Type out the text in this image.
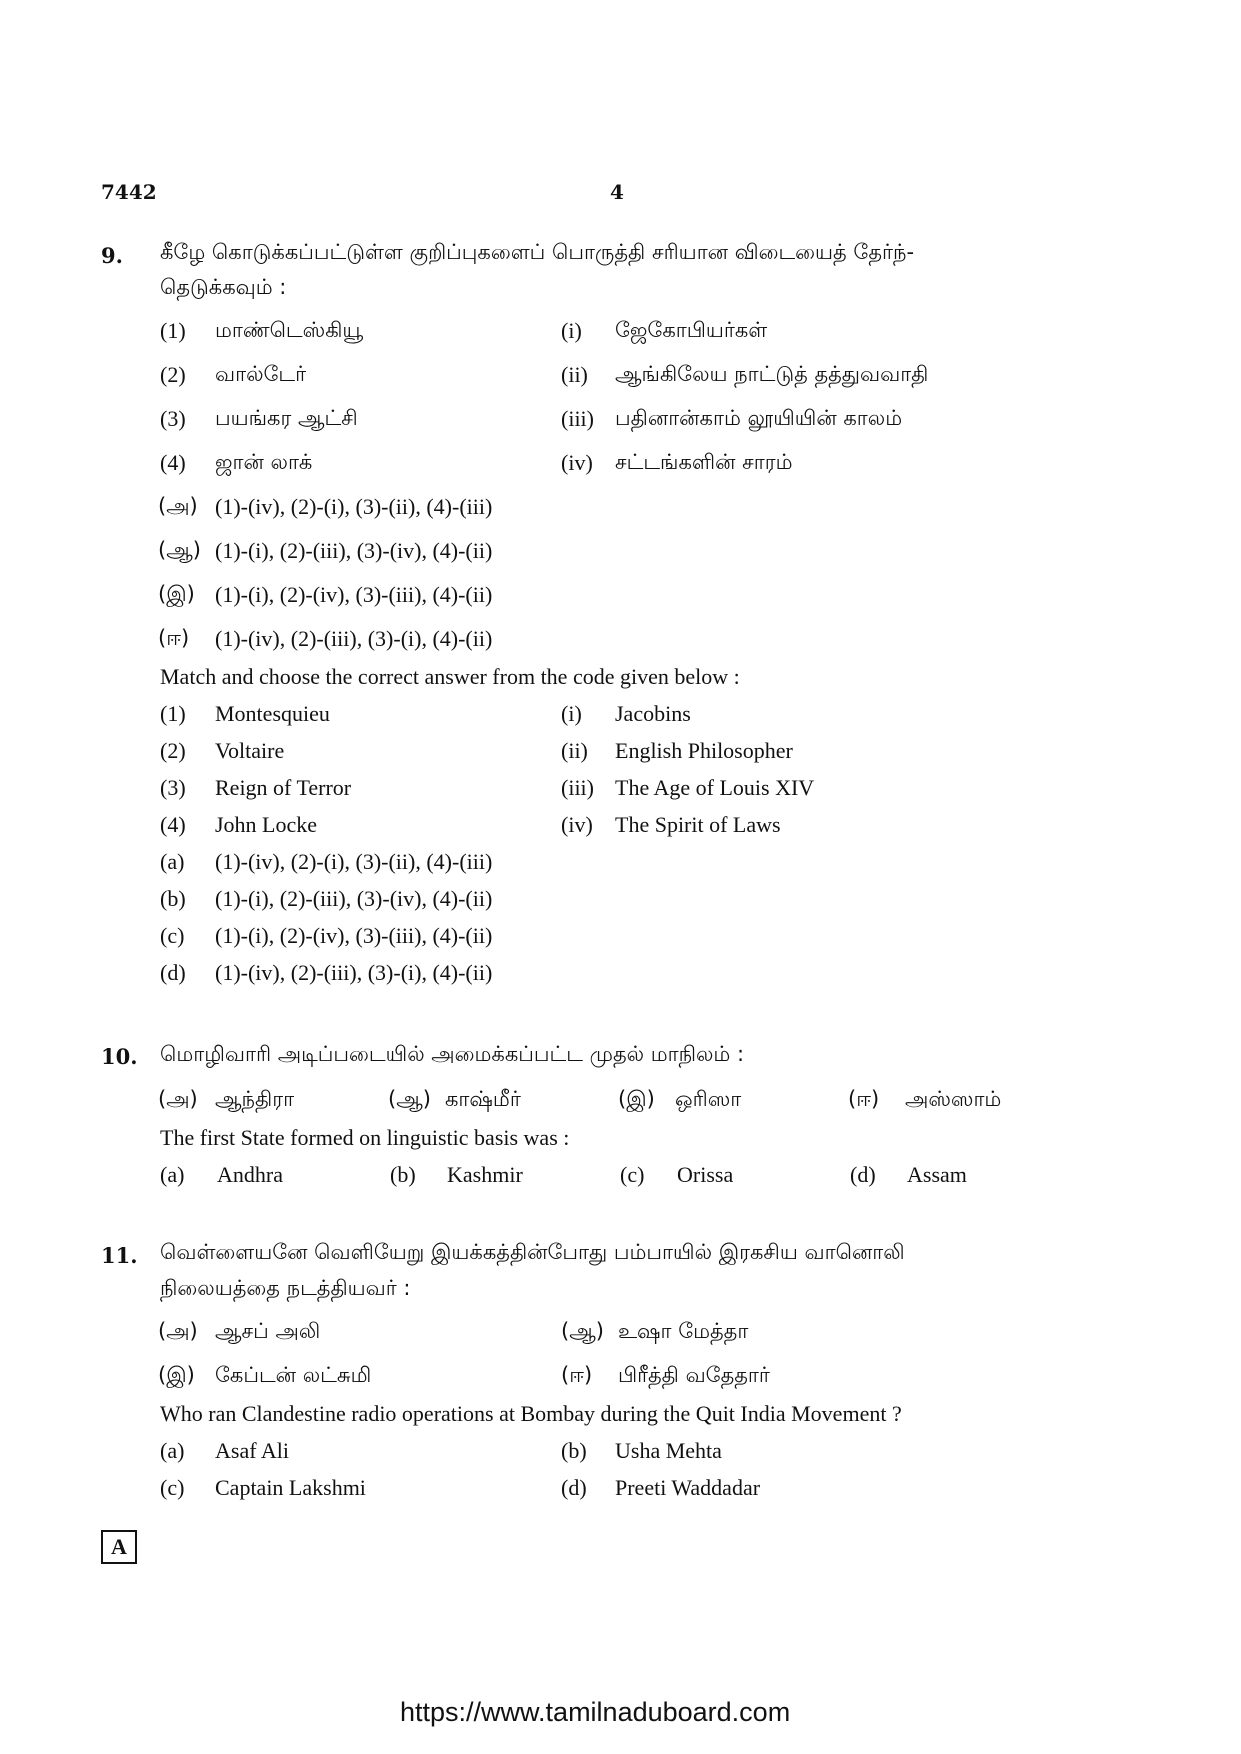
7442	4
9. கீழே கொடுக்கப்பட்டுள்ள குறிப்புகளைப் பொருத்தி சரியான விடையைத் தேர்ந்-
தெடுக்கவும் :
(1) மாண்டெஸ்கியூ	(i) ஜேகோபியர்கள்
(2) வால்டேர்	(ii) ஆங்கிலேய நாட்டுத் தத்துவவாதி
(3) பயங்கர ஆட்சி	(iii) பதினான்காம் லூயியின் காலம்
(4) ஜான் லாக்	(iv) சட்டங்களின் சாரம்
(அ) (1)-(iv), (2)-(i), (3)-(ii), (4)-(iii)
(ஆ) (1)-(i), (2)-(iii), (3)-(iv), (4)-(ii)
(இ) (1)-(i), (2)-(iv), (3)-(iii), (4)-(ii)
(ஈ) (1)-(iv), (2)-(iii), (3)-(i), (4)-(ii)
Match and choose the correct answer from the code given below :
(1) Montesquieu	(i) Jacobins
(2) Voltaire	(ii) English Philosopher
(3) Reign of Terror	(iii) The Age of Louis XIV
(4) John Locke	(iv) The Spirit of Laws
(a) (1)-(iv), (2)-(i), (3)-(ii), (4)-(iii)
(b) (1)-(i), (2)-(iii), (3)-(iv), (4)-(ii)
(c) (1)-(i), (2)-(iv), (3)-(iii), (4)-(ii)
(d) (1)-(iv), (2)-(iii), (3)-(i), (4)-(ii)
10. மொழிவாரி அடிப்படையில் அமைக்கப்பட்ட முதல் மாநிலம் :
(அ) ஆந்திரா	(ஆ) காஷ்மீர்	(இ) ஒரிஸா	(ஈ) அஸ்ஸாம்
The first State formed on linguistic basis was :
(a) Andhra	(b) Kashmir	(c) Orissa	(d) Assam
11. வெள்ளையனே வெளியேறு இயக்கத்தின்போது பம்பாயில் இரகசிய வானொலி
நிலையத்தை நடத்தியவர் :
(அ) ஆசப் அலி	(ஆ) உஷா மேத்தா
(இ) கேப்டன் லட்சுமி	(ஈ) பிரீத்தி வதேதார்
Who ran Clandestine radio operations at Bombay during the Quit India Movement ?
(a) Asaf Ali	(b) Usha Mehta
(c) Captain Lakshmi	(d) Preeti Waddadar
A
https://www.tamilnaduboard.com
